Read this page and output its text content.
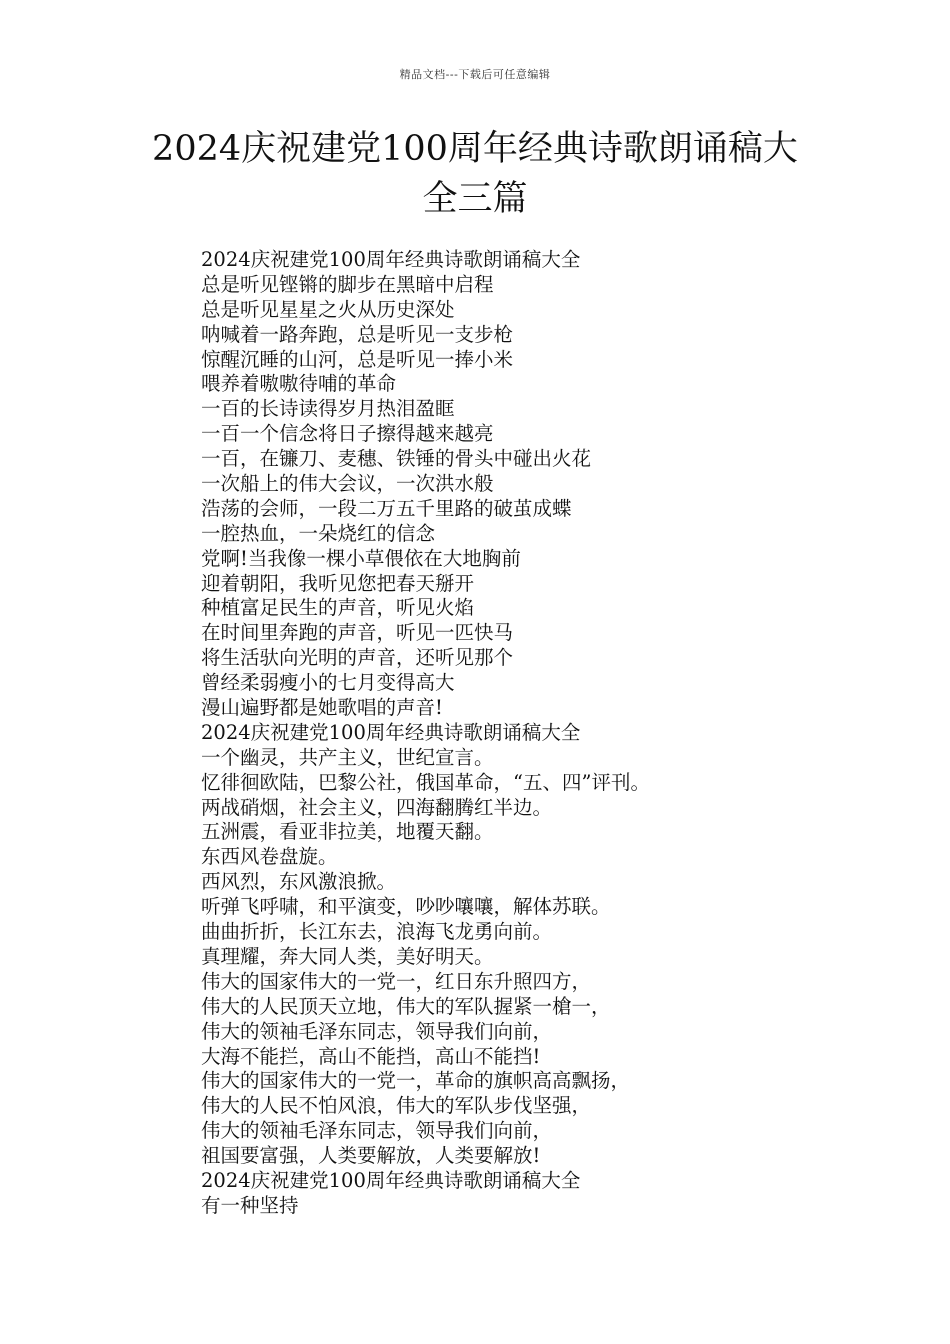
精品文档---下载后可任意编辑
2024庆祝建党100周年经典诗歌朗诵稿大
全三篇
2024庆祝建党100周年经典诗歌朗诵稿大全
总是听见铿锵的脚步在黑暗中启程
总是听见星星之火从历史深处
呐喊着一路奔跑，总是听见一支步枪
惊醒沉睡的山河，总是听见一捧小米
喂养着嗷嗷待哺的革命
一百的长诗读得岁月热泪盈眶
一百一个信念将日子擦得越来越亮
一百，在镰刀、麦穗、铁锤的骨头中碰出火花
一次船上的伟大会议，一次洪水般
浩荡的会师，一段二万五千里路的破茧成蝶
一腔热血，一朵烧红的信念
党啊!当我像一棵小草偎依在大地胸前
迎着朝阳，我听见您把春天掰开
种植富足民生的声音，听见火焰
在时间里奔跑的声音，听见一匹快马
将生活驮向光明的声音，还听见那个
曾经柔弱瘦小的七月变得高大
漫山遍野都是她歌唱的声音!
2024庆祝建党100周年经典诗歌朗诵稿大全
一个幽灵，共产主义，世纪宣言。
忆徘徊欧陆，巴黎公社，俄国革命，“五、四”评刊。
两战硝烟，社会主义，四海翻腾红半边。
五洲震，看亚非拉美，地覆天翻。
东西风卷盘旋。
西风烈，东风激浪掀。
听弹飞呼啸，和平演变，吵吵嚷嚷，解体苏联。
曲曲折折，长江东去，浪海飞龙勇向前。
真理耀，奔大同人类，美好明天。
伟大的国家伟大的一党一，红日东升照四方，
伟大的人民顶天立地，伟大的军队握紧一槍一，
伟大的领袖毛泽东同志，领导我们向前，
大海不能拦，高山不能挡，高山不能挡!
伟大的国家伟大的一党一，革命的旗帜高高飘扬，
伟大的人民不怕风浪，伟大的军队步伐坚强，
伟大的领袖毛泽东同志，领导我们向前，
祖国要富强，人类要解放，人类要解放!
2024庆祝建党100周年经典诗歌朗诵稿大全
有一种坚持
